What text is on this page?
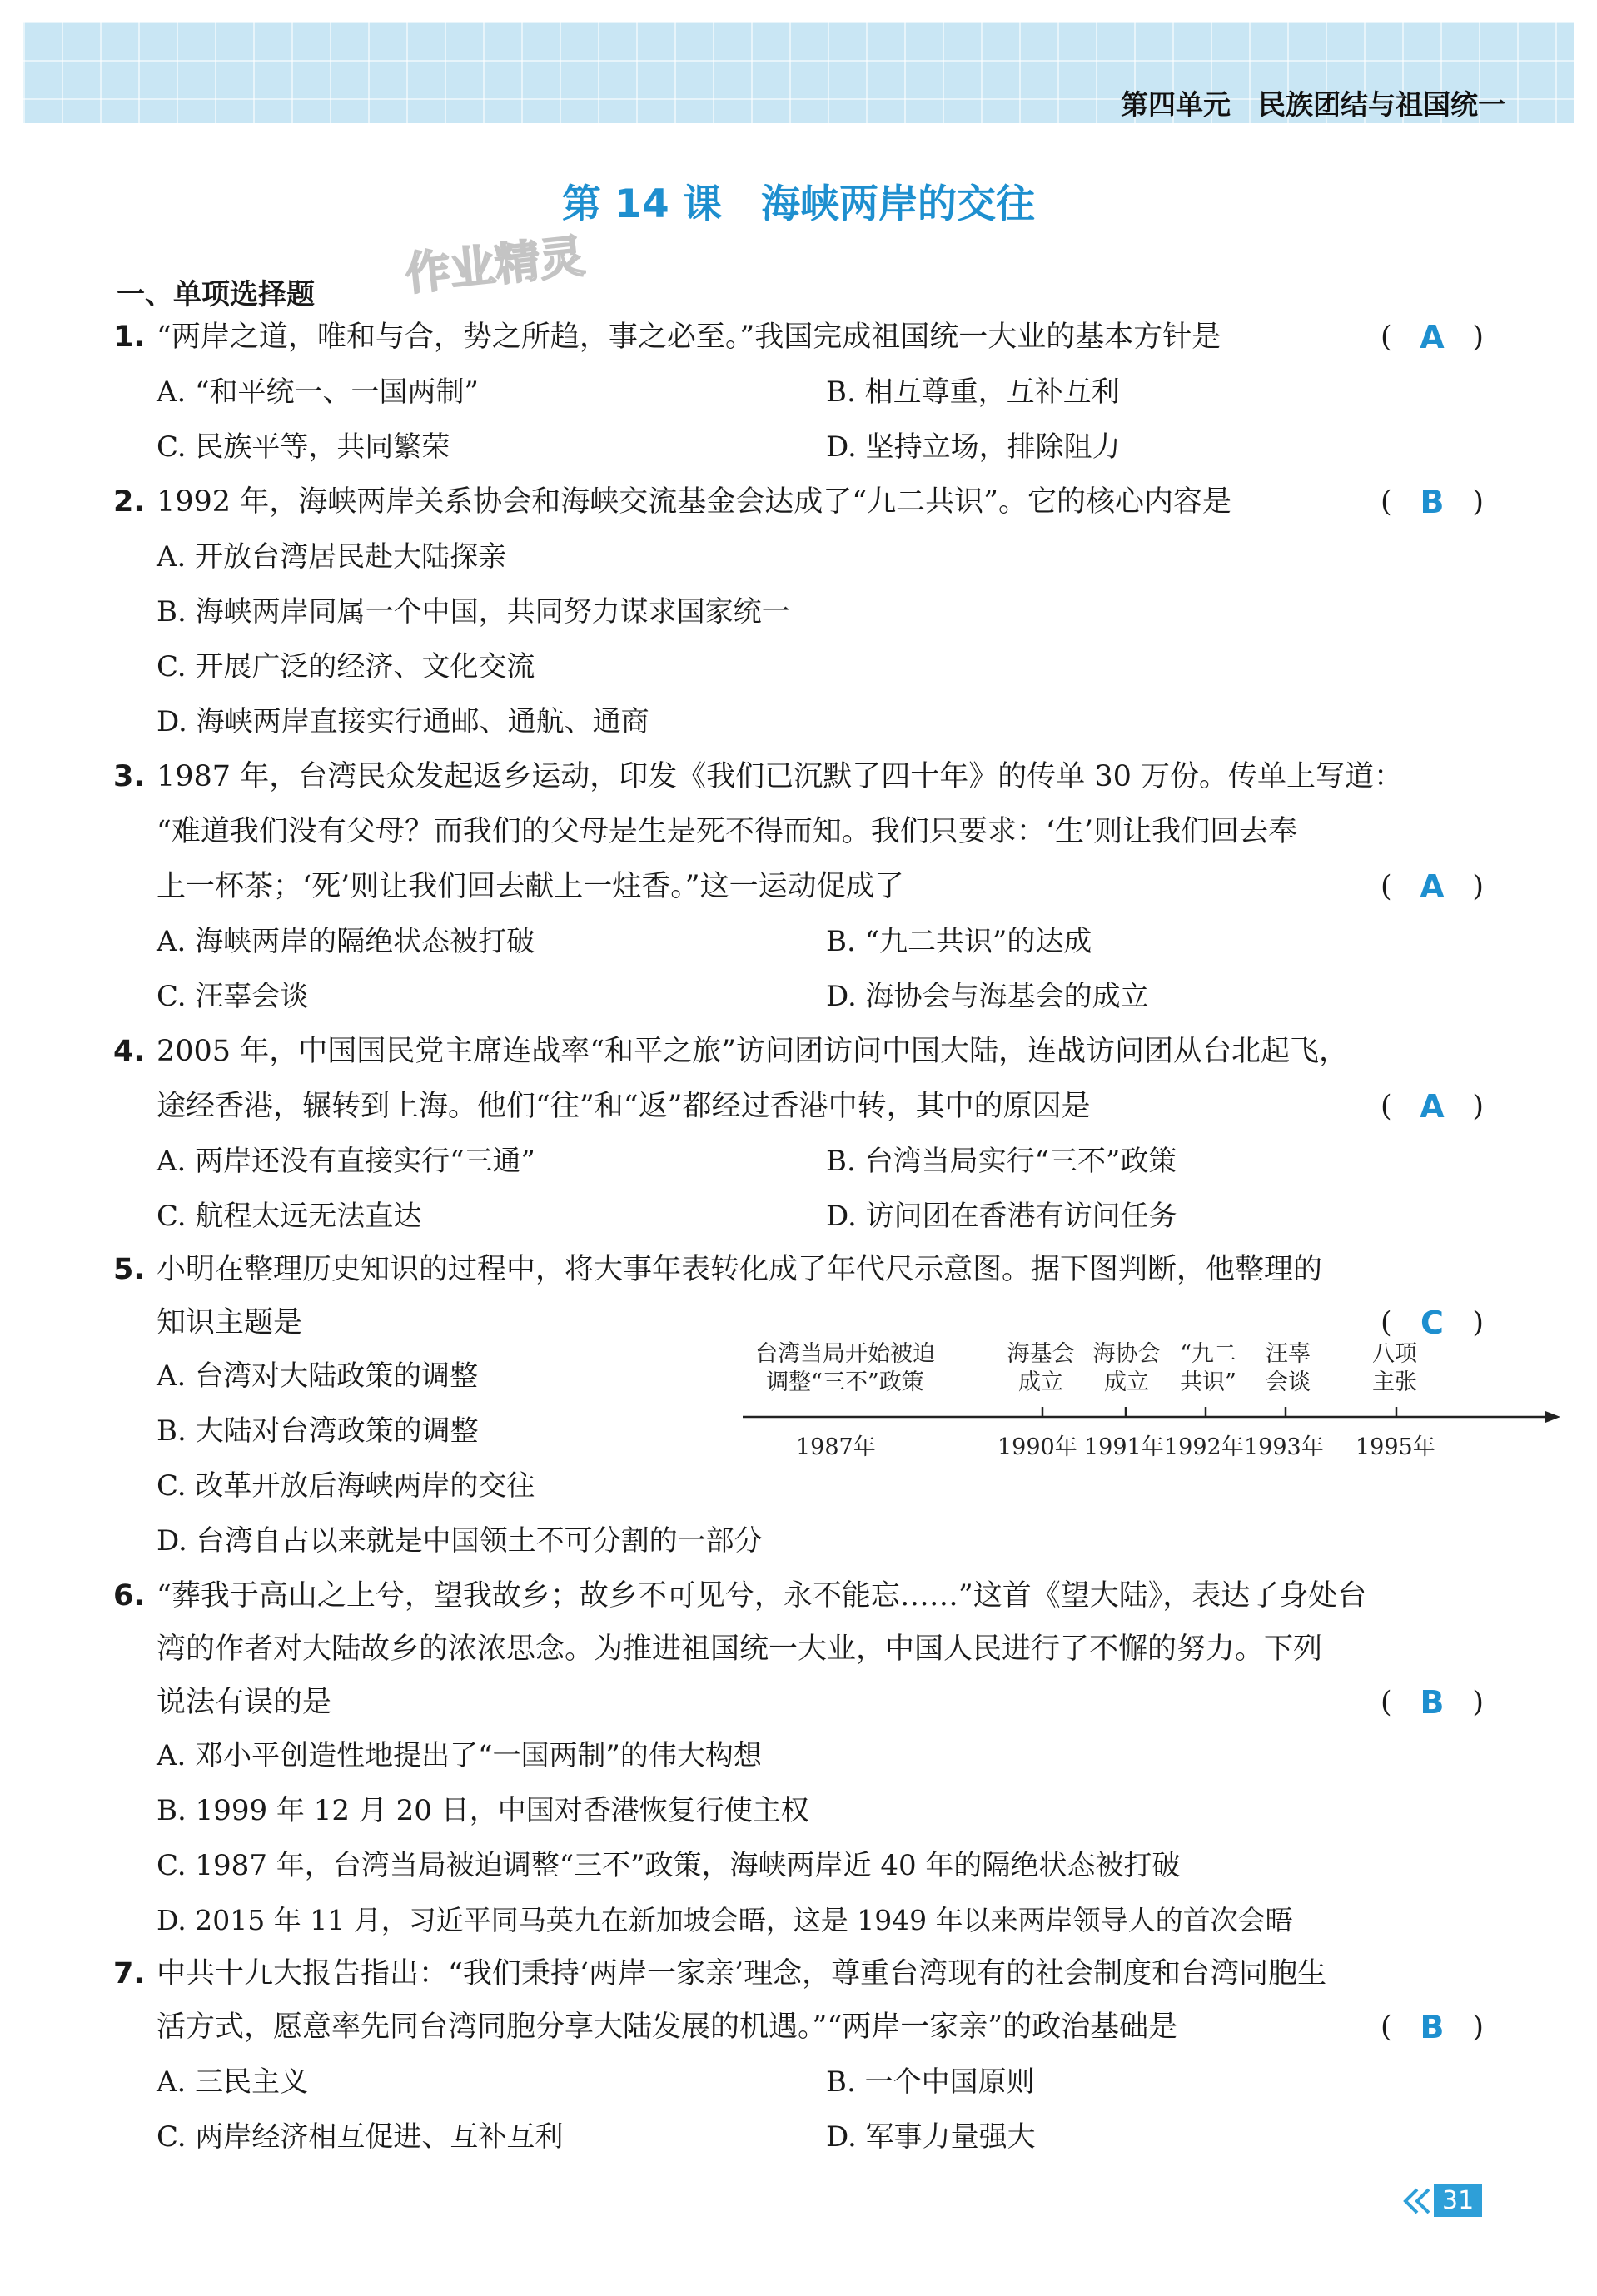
第四单元　民族团结与祖国统一
第 14 课　海峡两岸的交往
作业精灵
一、单项选择题
1. “两岸之道，唯和与合，势之所趋，事之必至。”我国完成祖国统一大业的基本方针是	( A )
A. “和平统一、一国两制”	B. 相互尊重，互补互利
C. 民族平等，共同繁荣	D. 坚持立场，排除阻力
2. 1992 年，海峡两岸关系协会和海峡交流基金会达成了“九二共识”。它的核心内容是	( B )
A. 开放台湾居民赴大陆探亲
B. 海峡两岸同属一个中国，共同努力谋求国家统一
C. 开展广泛的经济、文化交流
D. 海峡两岸直接实行通邮、通航、通商
3. 1987 年，台湾民众发起返乡运动，印发《我们已沉默了四十年》的传单 30 万份。传单上写道：
“难道我们没有父母？而我们的父母是生是死不得而知。我们只要求：‘生’则让我们回去奉
上一杯茶；‘死’则让我们回去献上一炷香。”这一运动促成了	( A )
A. 海峡两岸的隔绝状态被打破	B. “九二共识”的达成
C. 汪辜会谈	D. 海协会与海基会的成立
4. 2005 年，中国国民党主席连战率“和平之旅”访问团访问中国大陆，连战访问团从台北起飞，
途经香港，辗转到上海。他们“往”和“返”都经过香港中转，其中的原因是	( A )
A. 两岸还没有直接实行“三通”	B. 台湾当局实行“三不”政策
C. 航程太远无法直达	D. 访问团在香港有访问任务
5. 小明在整理历史知识的过程中，将大事年表转化成了年代尺示意图。据下图判断，他整理的
知识主题是	( C )
A. 台湾对大陆政策的调整
B. 大陆对台湾政策的调整
C. 改革开放后海峡两岸的交往
D. 台湾自古以来就是中国领土不可分割的一部分
台湾当局开始被迫
调整“三不”政策
海基会
成立
海协会
成立
“九二
共识”
汪辜
会谈
八项
主张
1987年	1990年 1991年 1992年 1993年 1995年
6. “葬我于高山之上兮，望我故乡；故乡不可见兮，永不能忘……”这首《望大陆》，表达了身处台
湾的作者对大陆故乡的浓浓思念。为推进祖国统一大业，中国人民进行了不懈的努力。下列
说法有误的是	( B )
A. 邓小平创造性地提出了“一国两制”的伟大构想
B. 1999 年 12 月 20 日，中国对香港恢复行使主权
C. 1987 年，台湾当局被迫调整“三不”政策，海峡两岸近 40 年的隔绝状态被打破
D. 2015 年 11 月，习近平同马英九在新加坡会晤，这是 1949 年以来两岸领导人的首次会晤
7. 中共十九大报告指出：“我们秉持‘两岸一家亲’理念，尊重台湾现有的社会制度和台湾同胞生
活方式，愿意率先同台湾同胞分享大陆发展的机遇。”“两岸一家亲”的政治基础是	( B )
A. 三民主义	B. 一个中国原则
C. 两岸经济相互促进、互补互利	D. 军事力量强大
31
